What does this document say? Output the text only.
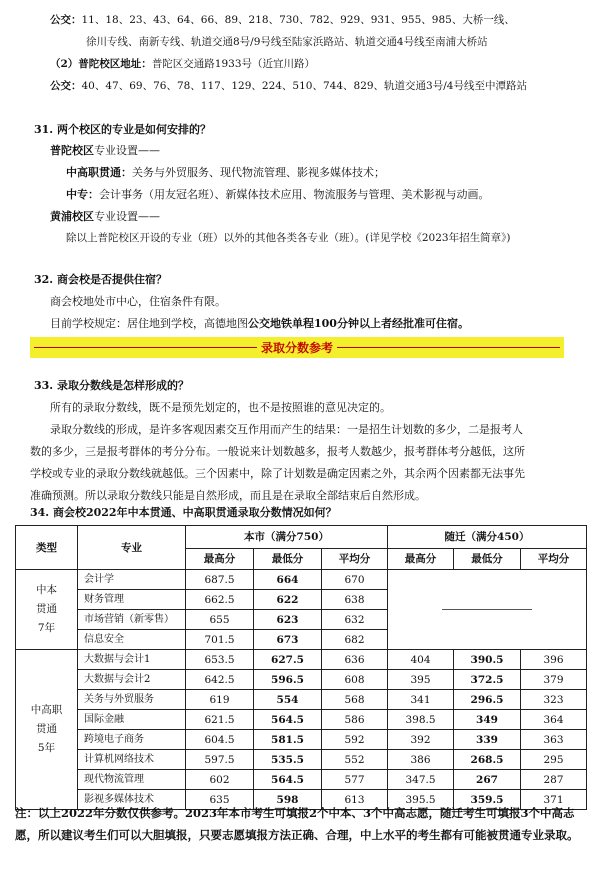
公交：11、18、23、43、64、66、89、218、730、782、929、931、955、985、大桥一线、
徐川专线、南新专线、轨道交通8号/9号线至陆家浜路站、轨道交通4号线至南浦大桥站
（2）普陀校区地址：普陀区交通路1933号（近宜川路）
公交：40、47、69、76、78、117、129、224、510、744、829、轨道交通3号/4号线至中潭路站
31. 两个校区的专业是如何安排的？
普陀校区专业设置——
中高职贯通：关务与外贸服务、现代物流管理、影视多媒体技术；
中专：会计事务（用友冠名班）、新媒体技术应用、物流服务与管理、美术影视与动画。
黄浦校区专业设置——
除以上普陀校区开设的专业（班）以外的其他各类各专业（班）。(详见学校《2023年招生简章》)
32. 商会校是否提供住宿？
商会校地处市中心，住宿条件有限。
目前学校规定：居住地到学校，高德地图公交地铁单程100分钟以上者经批准可住宿。
录取分数参考
33. 录取分数线是怎样形成的？
所有的录取分数线，既不是预先划定的，也不是按照谁的意见决定的。
录取分数线的形成，是许多客观因素交互作用而产生的结果：一是招生计划数的多少，二是报考人
数的多少，三是报考群体的考分分布。一般说来计划数越多，报考人数越少，报考群体考分越低，这所
学校或专业的录取分数线就越低。三个因素中，除了计划数是确定因素之外，其余两个因素都无法事先
准确预测。所以录取分数线只能是自然形成，而且是在录取全部结束后自然形成。
34. 商会校2022年中本贯通、中高职贯通录取分数情况如何？
类型	专业	本市（满分750）			随迁（满分450）		
		最高分	最低分	平均分	最高分	最低分	平均分
中本
贯通
7年	会计学	687.5	664	670			
	财务管理	662.5	622	638			
	市场营销（新零售）	655	623	632			
	信息安全	701.5	673	682			
中高职
贯通
5年	大数据与会计1	653.5	627.5	636	404	390.5	396
	大数据与会计2	642.5	596.5	608	395	372.5	379
	关务与外贸服务	619	554	568	341	296.5	323
	国际金融	621.5	564.5	586	398.5	349	364
	跨境电子商务	604.5	581.5	592	392	339	363
	计算机网络技术	597.5	535.5	552	386	268.5	295
	现代物流管理	602	564.5	577	347.5	267	287
	影视多媒体技术	635	598	613	395.5	359.5	371
注：以上2022年分数仅供参考。2023年本市考生可填报2个中本、3个中高志愿，随迁考生可填报3个中高志愿，所以建议考生们可以大胆填报，只要志愿填报方法正确、合理，中上水平的考生都有可能被贯通专业录取。
